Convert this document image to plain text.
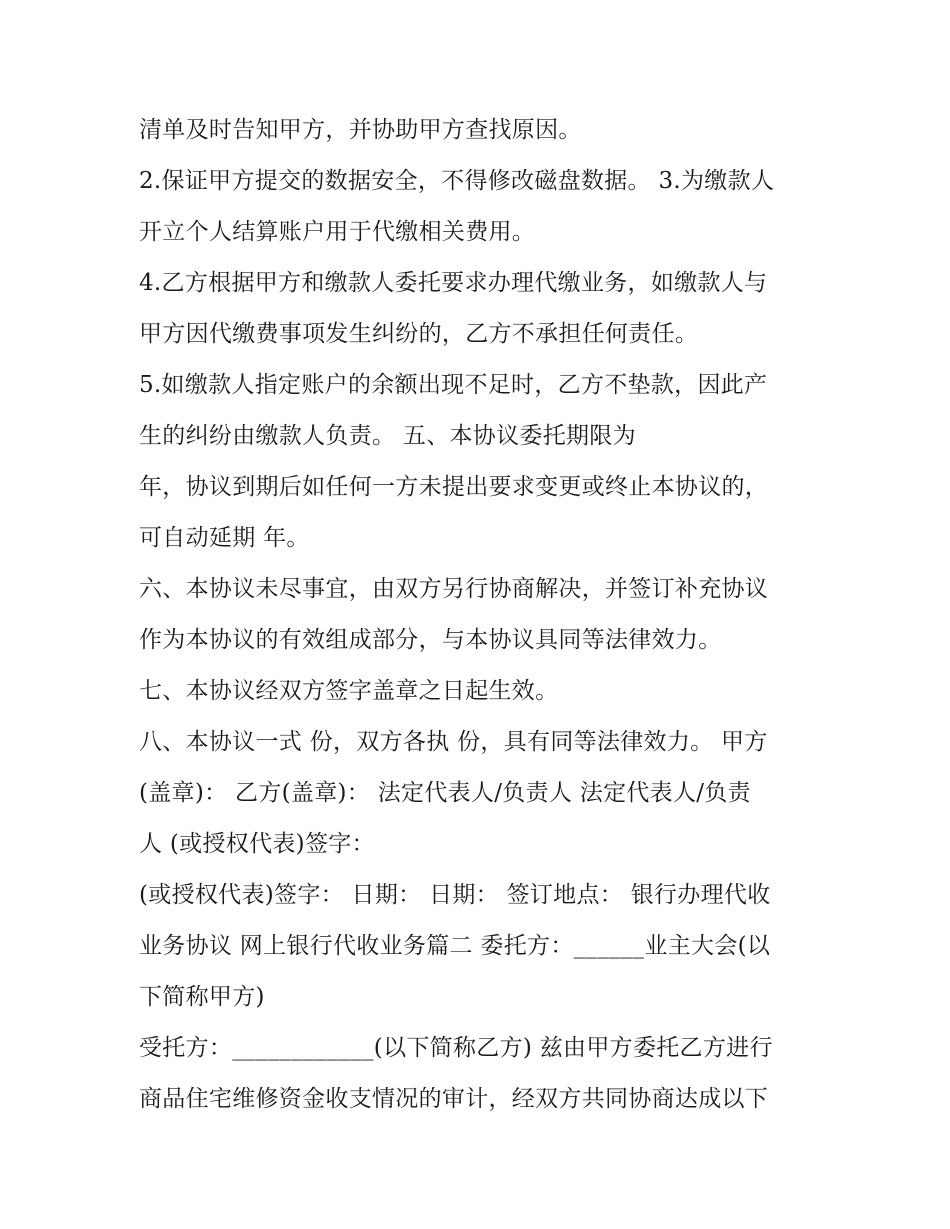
清单及时告知甲方，并协助甲方查找原因。
2.保证甲方提交的数据安全，不得修改磁盘数据。 3.为缴款人
开立个人结算账户用于代缴相关费用。
4.乙方根据甲方和缴款人委托要求办理代缴业务，如缴款人与
甲方因代缴费事项发生纠纷的，乙方不承担任何责任。
5.如缴款人指定账户的余额出现不足时，乙方不垫款，因此产
生的纠纷由缴款人负责。 五、本协议委托期限为
年，协议到期后如任何一方未提出要求变更或终止本协议的，
可自动延期 年。
六、本协议未尽事宜，由双方另行协商解决，并签订补充协议
作为本协议的有效组成部分，与本协议具同等法律效力。
七、本协议经双方签字盖章之日起生效。
八、本协议一式 份，双方各执 份，具有同等法律效力。 甲方
(盖章)： 乙方(盖章)： 法定代表人/负责人 法定代表人/负责
人 (或授权代表)签字：
(或授权代表)签字： 日期： 日期： 签订地点： 银行办理代收
业务协议 网上银行代收业务篇二 委托方：______业主大会(以
下简称甲方)
受托方：____________(以下简称乙方) 兹由甲方委托乙方进行
商品住宅维修资金收支情况的审计，经双方共同协商达成以下
